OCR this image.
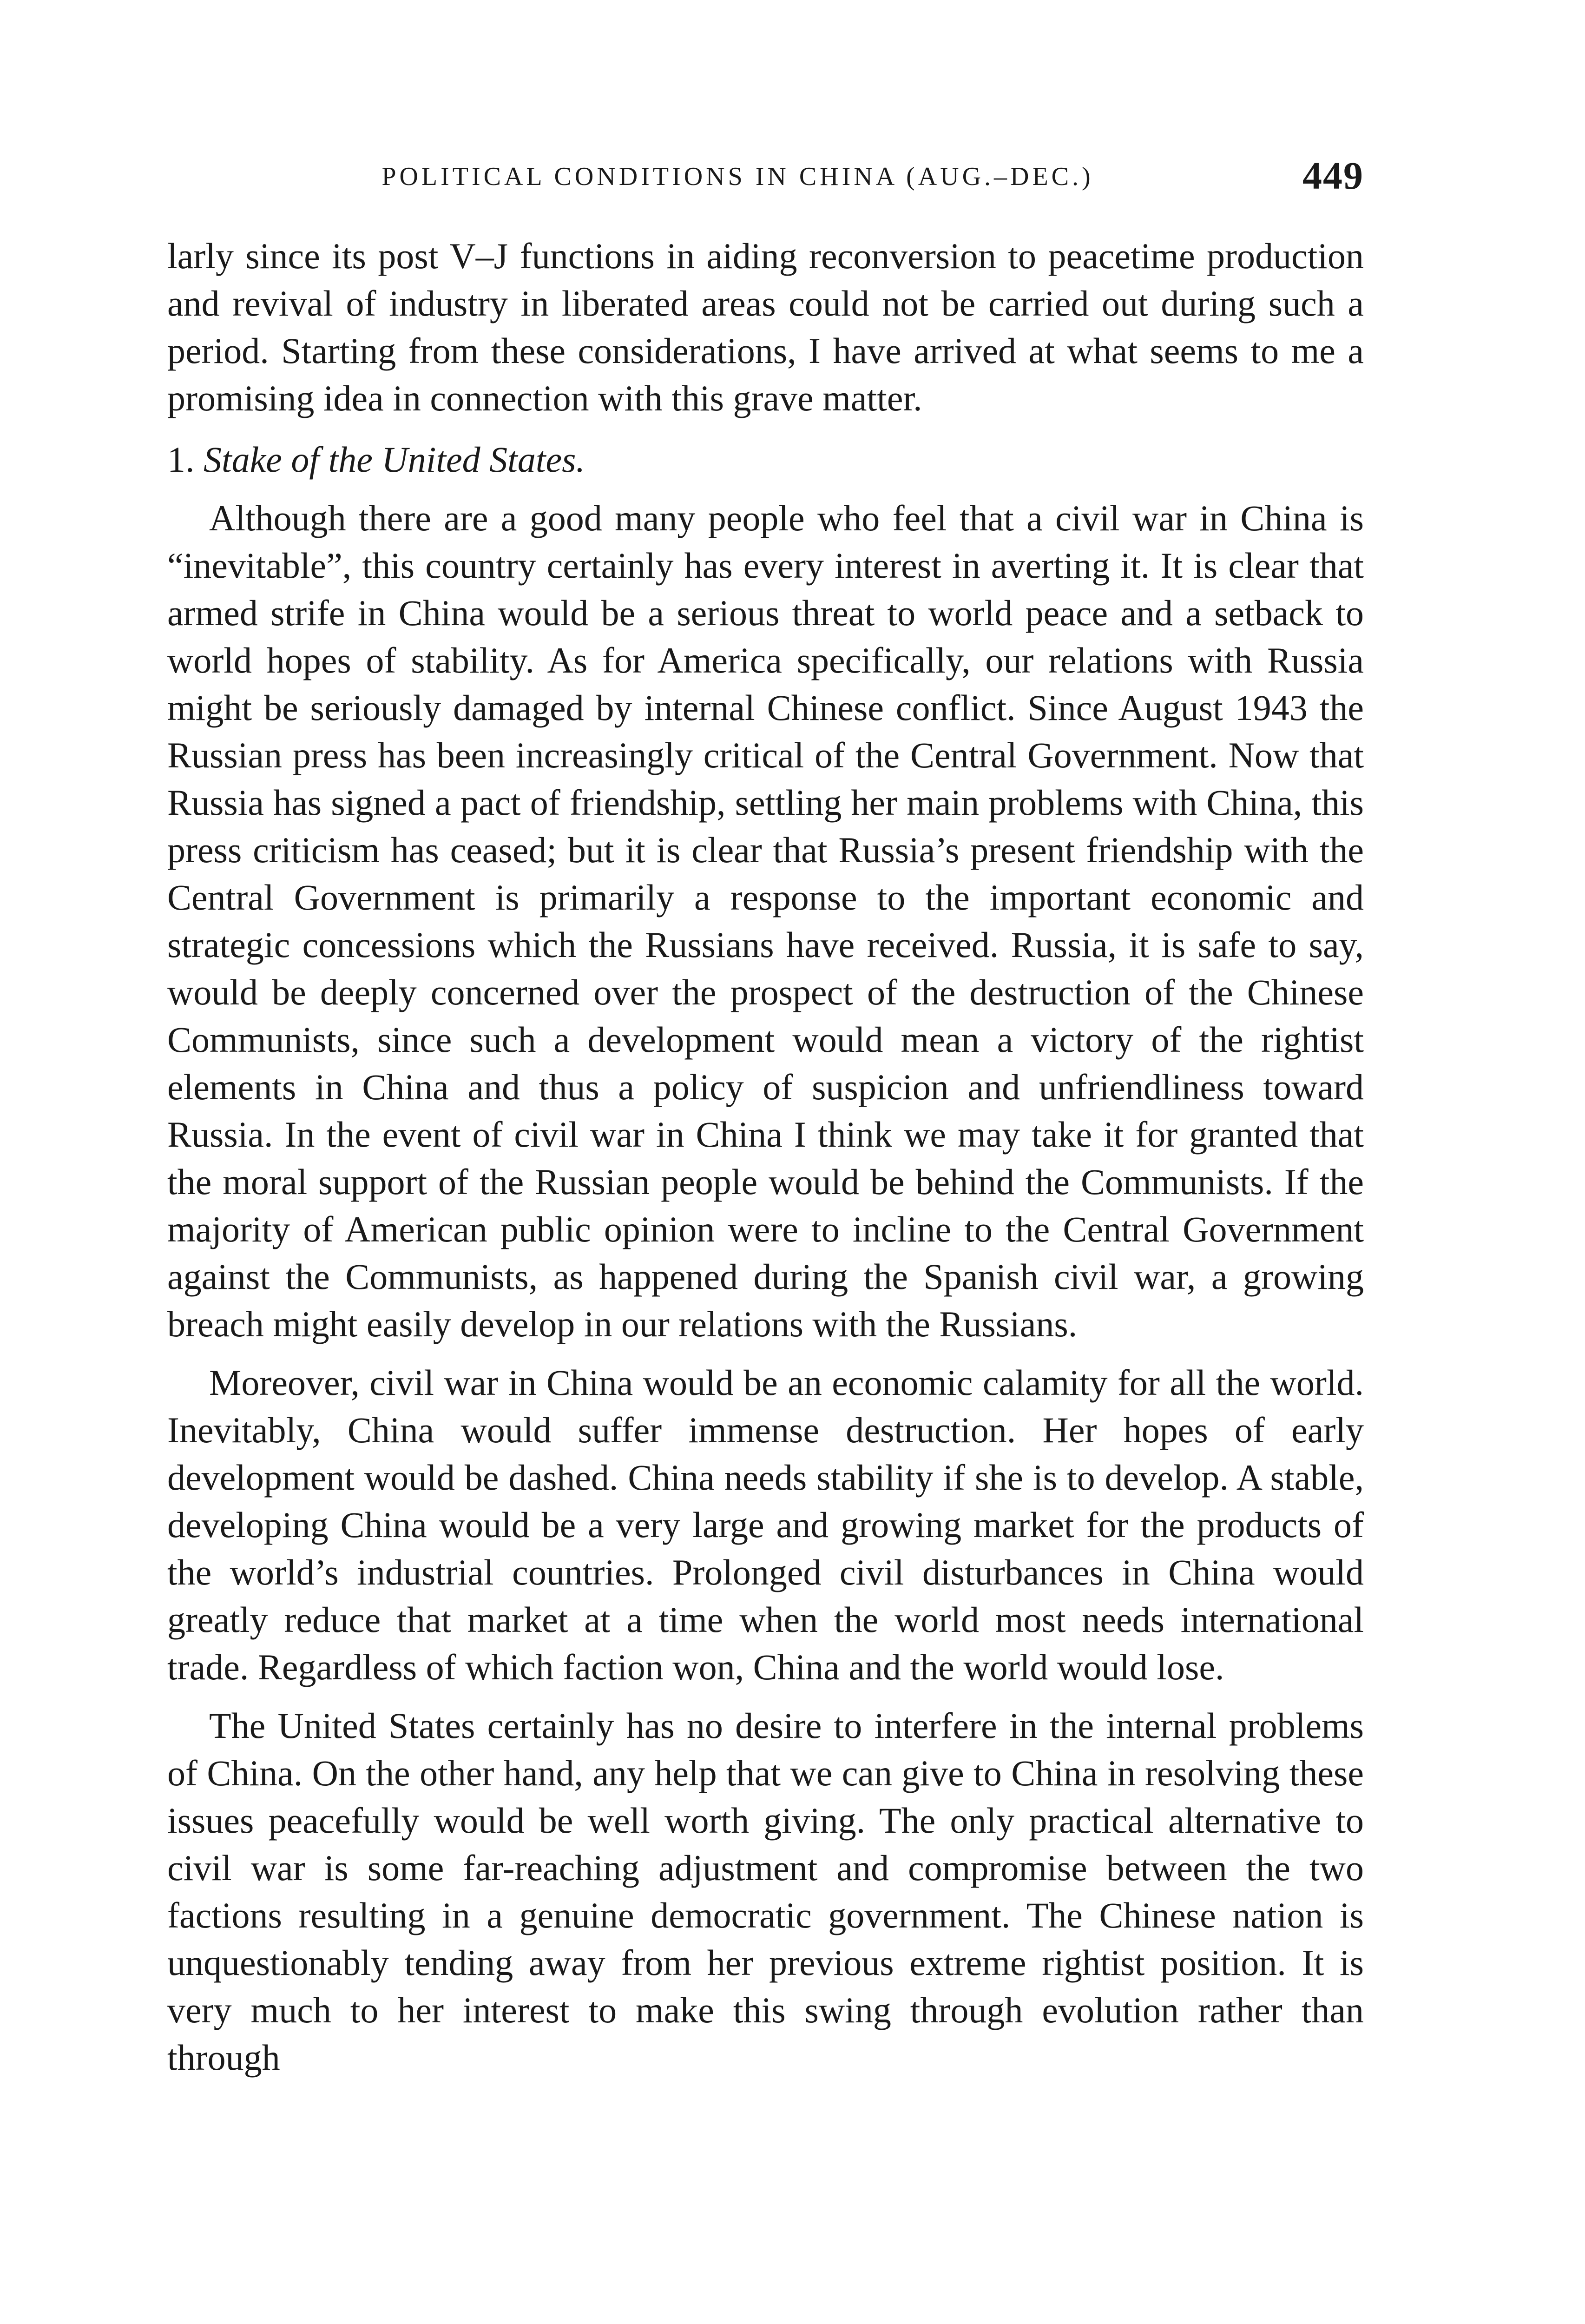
POLITICAL CONDITIONS IN CHINA (AUG.–DEC.)	449

larly since its post V–J functions in aiding reconversion to peacetime production and revival of industry in liberated areas could not be carried out during such a period. Starting from these considerations, I have arrived at what seems to me a promising idea in connection with this grave matter.

1. Stake of the United States.

Although there are a good many people who feel that a civil war in China is “inevitable”, this country certainly has every interest in averting it. It is clear that armed strife in China would be a serious threat to world peace and a setback to world hopes of stability. As for America specifically, our relations with Russia might be seriously damaged by internal Chinese conflict. Since August 1943 the Russian press has been increasingly critical of the Central Government. Now that Russia has signed a pact of friendship, settling her main problems with China, this press criticism has ceased; but it is clear that Russia’s present friendship with the Central Government is primarily a response to the important economic and strategic concessions which the Russians have received. Russia, it is safe to say, would be deeply concerned over the prospect of the destruction of the Chinese Communists, since such a development would mean a victory of the rightist elements in China and thus a policy of suspicion and unfriendliness toward Russia. In the event of civil war in China I think we may take it for granted that the moral support of the Russian people would be behind the Communists. If the majority of American public opinion were to incline to the Central Government against the Communists, as happened during the Spanish civil war, a growing breach might easily develop in our relations with the Russians.

Moreover, civil war in China would be an economic calamity for all the world. Inevitably, China would suffer immense destruction. Her hopes of early development would be dashed. China needs stability if she is to develop. A stable, developing China would be a very large and growing market for the products of the world’s industrial countries. Prolonged civil disturbances in China would greatly reduce that market at a time when the world most needs international trade. Regardless of which faction won, China and the world would lose.

The United States certainly has no desire to interfere in the internal problems of China. On the other hand, any help that we can give to China in resolving these issues peacefully would be well worth giving. The only practical alternative to civil war is some far-reaching adjustment and compromise between the two factions resulting in a genuine democratic government. The Chinese nation is unquestionably tending away from her previous extreme rightist position. It is very much to her interest to make this swing through evolution rather than through
